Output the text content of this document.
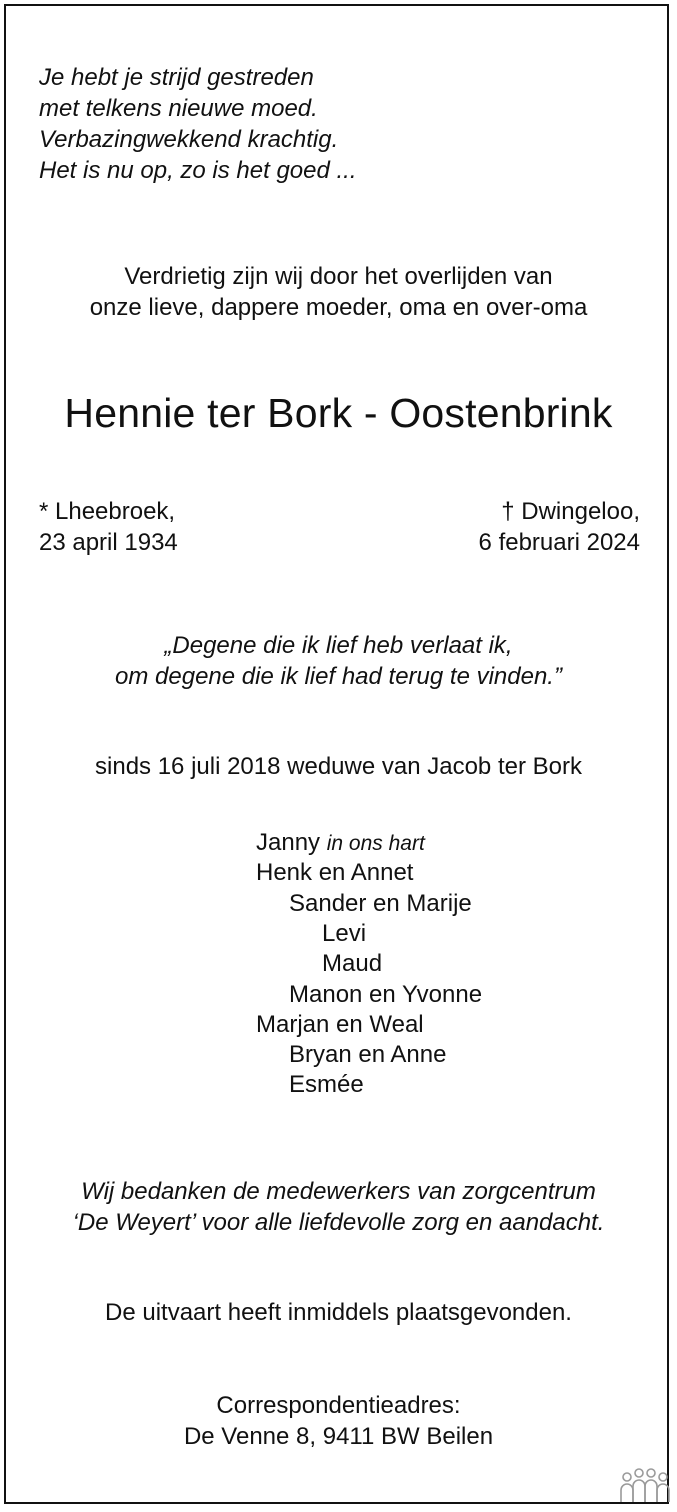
Je hebt je strijd gestreden
met telkens nieuwe moed.
Verbazingwekkend krachtig.
Het is nu op, zo is het goed ...
Verdrietig zijn wij door het overlijden van
onze lieve, dappere moeder, oma en over-oma
Hennie ter Bork - Oostenbrink
* Lheebroek,
23 april 1934
† Dwingeloo,
6 februari 2024
„Degene die ik lief heb verlaat ik,
om degene die ik lief had terug te vinden.”
sinds 16 juli 2018 weduwe van Jacob ter Bork
Janny in ons hart
Henk en Annet
Sander en Marije
Levi
Maud
Manon en Yvonne
Marjan en Weal
Bryan en Anne
Esmée
Wij bedanken de medewerkers van zorgcentrum
‘De Weyert’ voor alle liefdevolle zorg en aandacht.
De uitvaart heeft inmiddels plaatsgevonden.
Correspondentieadres:
De Venne 8, 9411 BW Beilen
